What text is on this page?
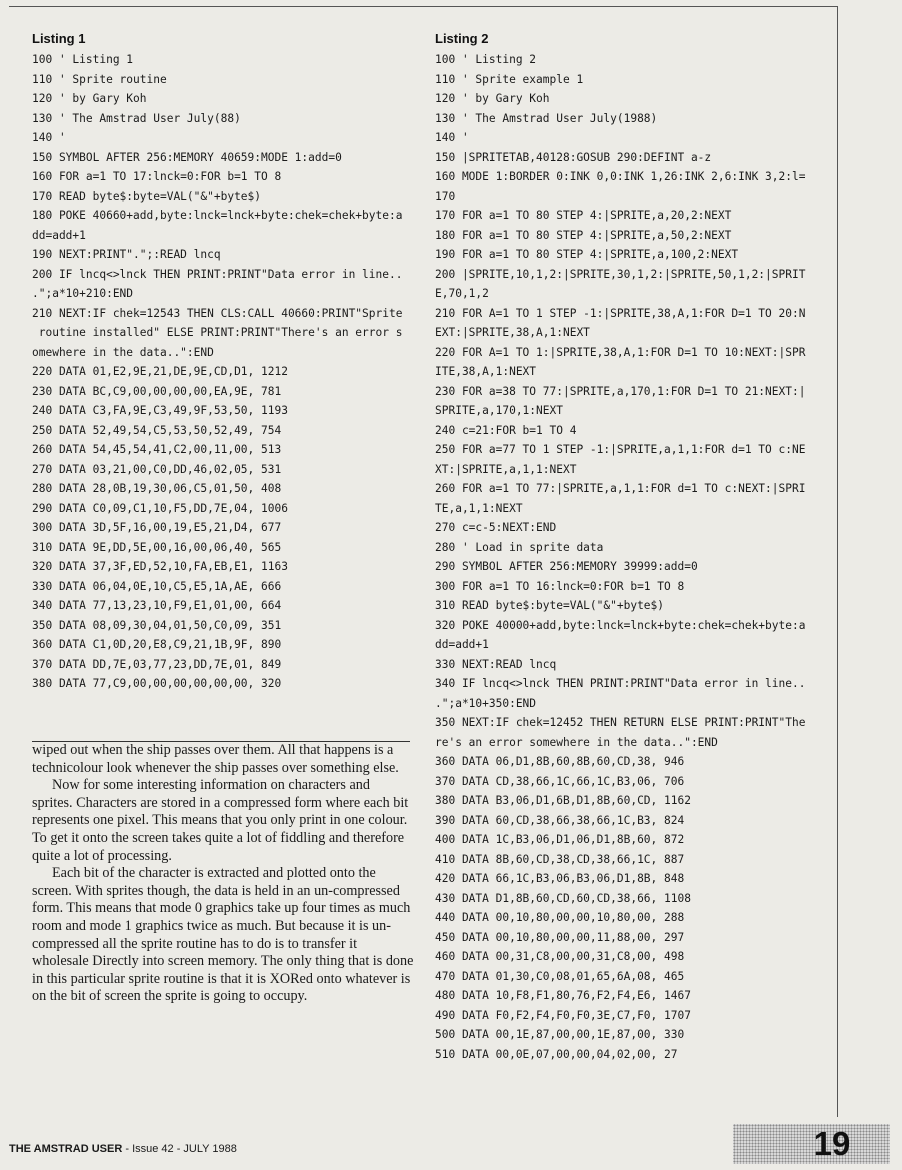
Listing 1
100 ' Listing 1
110 ' Sprite routine
120 ' by Gary Koh
130 ' The Amstrad User July(88)
140 '
150 SYMBOL AFTER 256:MEMORY 40659:MODE 1:add=0
160 FOR a=1 TO 17:lnck=0:FOR b=1 TO 8
170 READ byte$:byte=VAL("&"+byte$)
180 POKE 40660+add,byte:lnck=lnck+byte:chek=chek+byte:a
dd=add+1
190 NEXT:PRINT".";:READ lncq
200 IF lncq<>lnck THEN PRINT:PRINT"Data error in line..
.";a*10+210:END
210 NEXT:IF chek=12543 THEN CLS:CALL 40660:PRINT"Sprite
routine installed" ELSE PRINT:PRINT"There's an error s
omewhere in the data..":END
220 DATA 01,E2,9E,21,DE,9E,CD,D1, 1212
230 DATA BC,C9,00,00,00,00,EA,9E, 781
240 DATA C3,FA,9E,C3,49,9F,53,50, 1193
250 DATA 52,49,54,C5,53,50,52,49, 754
260 DATA 54,45,54,41,C2,00,11,00, 513
270 DATA 03,21,00,C0,DD,46,02,05, 531
280 DATA 28,0B,19,30,06,C5,01,50, 408
290 DATA C0,09,C1,10,F5,DD,7E,04, 1006
300 DATA 3D,5F,16,00,19,E5,21,D4, 677
310 DATA 9E,DD,5E,00,16,00,06,40, 565
320 DATA 37,3F,ED,52,10,FA,EB,E1, 1163
330 DATA 06,04,0E,10,C5,E5,1A,AE, 666
340 DATA 77,13,23,10,F9,E1,01,00, 664
350 DATA 08,09,30,04,01,50,C0,09, 351
360 DATA C1,0D,20,E8,C9,21,1B,9F, 890
370 DATA DD,7E,03,77,23,DD,7E,01, 849
380 DATA 77,C9,00,00,00,00,00,00, 320
Listing 2
100 ' Listing 2
110 ' Sprite example 1
120 ' by Gary Koh
130 ' The Amstrad User July(1988)
140 '
150 |SPRITETAB,40128:GOSUB 290:DEFINT a-z
160 MODE 1:BORDER 0:INK 0,0:INK 1,26:INK 2,6:INK 3,2:l=
170
170 FOR a=1 TO 80 STEP 4:|SPRITE,a,20,2:NEXT
180 FOR a=1 TO 80 STEP 4:|SPRITE,a,50,2:NEXT
190 FOR a=1 TO 80 STEP 4:|SPRITE,a,100,2:NEXT
200 |SPRITE,10,1,2:|SPRITE,30,1,2:|SPRITE,50,1,2:|SPRIT
E,70,1,2
210 FOR A=1 TO 1 STEP -1:|SPRITE,38,A,1:FOR D=1 TO 20:N
EXT:|SPRITE,38,A,1:NEXT
220 FOR A=1 TO 1:|SPRITE,38,A,1:FOR D=1 TO 10:NEXT:|SPR
ITE,38,A,1:NEXT
230 FOR a=38 TO 77:|SPRITE,a,170,1:FOR D=1 TO 21:NEXT:|
SPRITE,a,170,1:NEXT
240 c=21:FOR b=1 TO 4
250 FOR a=77 TO 1 STEP -1:|SPRITE,a,1,1:FOR d=1 TO c:NE
XT:|SPRITE,a,1,1:NEXT
260 FOR a=1 TO 77:|SPRITE,a,1,1:FOR d=1 TO c:NEXT:|SPRI
TE,a,1,1:NEXT
270 c=c-5:NEXT:END
280 ' Load in sprite data
290 SYMBOL AFTER 256:MEMORY 39999:add=0
300 FOR a=1 TO 16:lnck=0:FOR b=1 TO 8
310 READ byte$:byte=VAL("&"+byte$)
320 POKE 40000+add,byte:lnck=lnck+byte:chek=chek+byte:a
dd=add+1
330 NEXT:READ lncq
340 IF lncq<>lnck THEN PRINT:PRINT"Data error in line..
.";a*10+350:END
350 NEXT:IF chek=12452 THEN RETURN ELSE PRINT:PRINT"The
re's an error somewhere in the data..":END
360 DATA 06,D1,8B,60,8B,60,CD,38, 946
370 DATA CD,38,66,1C,66,1C,B3,06, 706
380 DATA B3,06,D1,6B,D1,8B,60,CD, 1162
390 DATA 60,CD,38,66,38,66,1C,B3, 824
400 DATA 1C,B3,06,D1,06,D1,8B,60, 872
410 DATA 8B,60,CD,38,CD,38,66,1C, 887
420 DATA 66,1C,B3,06,B3,06,D1,8B, 848
430 DATA D1,8B,60,CD,60,CD,38,66, 1108
440 DATA 00,10,80,00,00,10,80,00, 288
450 DATA 00,10,80,00,00,11,88,00, 297
460 DATA 00,31,C8,00,00,31,C8,00, 498
470 DATA 01,30,C0,08,01,65,6A,08, 465
480 DATA 10,F8,F1,80,76,F2,F4,E6, 1467
490 DATA F0,F2,F4,F0,F0,3E,C7,F0, 1707
500 DATA 00,1E,87,00,00,1E,87,00, 330
510 DATA 00,0E,07,00,00,04,02,00, 27

wiped out when the ship passes over them. All that happens is a technicolour look whenever the ship passes over something else.

Now for some interesting information on characters and sprites. Characters are stored in a compressed form where each bit represents one pixel. This means that you only print in one colour. To get it onto the screen takes quite a lot of fiddling and therefore quite a lot of processing.

Each bit of the character is extracted and plotted onto the screen. With sprites though, the data is held in an un-compressed form. This means that mode 0 graphics take up four times as much room and mode 1 graphics twice as much. But because it is un-compressed all the sprite routine has to do is to transfer it wholesale Directly into screen memory. The only thing that is done in this particular sprite routine is that it is XORed onto whatever is on the bit of screen the sprite is going to occupy.

THE AMSTRAD USER - Issue 42 - JULY 1988	19
